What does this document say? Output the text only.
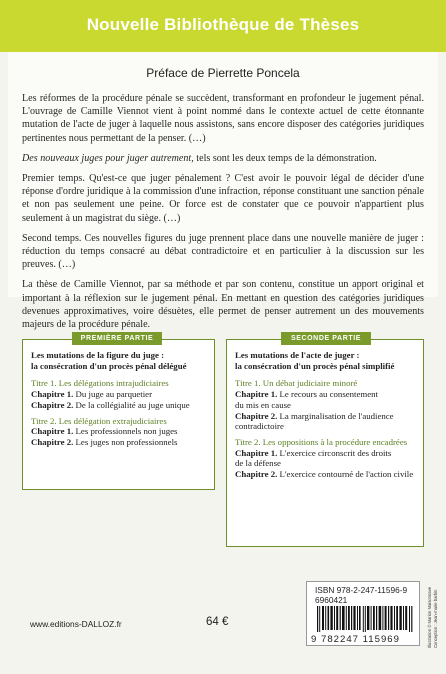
Nouvelle Bibliothèque de Thèses
Préface de Pierrette Poncela

Les réformes de la procédure pénale se succèdent, transformant en profondeur le jugement pénal. L'ouvrage de Camille Viennot vient à point nommé dans le contexte actuel de cette étonnante mutation de l'acte de juger à laquelle nous assistons, sans encore disposer des catégories juridiques pertinentes nous permettant de la penser. (…)

Des nouveaux juges pour juger autrement, tels sont les deux temps de la démonstration.

Premier temps. Qu'est-ce que juger pénalement ? C'est avoir le pouvoir légal de décider d'une réponse d'ordre juridique à la commission d'une infraction, réponse constituant une sanction pénale et non pas seulement une peine. Or force est de constater que ce pouvoir n'appartient plus seulement à un magistrat du siège. (…)

Second temps. Ces nouvelles figures du juge prennent place dans une nouvelle manière de juger : réduction du temps consacré au débat contradictoire et en particulier à la discussion sur les preuves. (…)

La thèse de Camille Viennot, par sa méthode et par son contenu, constitue un apport original et important à la réflexion sur le jugement pénal. En mettant en question des catégories juridiques devenues approximatives, voire désuètes, elle permet de penser autrement un des mouvements majeurs de la procédure pénale.

Les mutations de la figure du juge :
la consécration d'un procès pénal délégué
Titre 1. Les délégations intrajudiciaires
Chapitre 1. Du juge au parquetier
Chapitre 2. De la collégialité au juge unique
Titre 2. Les délégation extrajudiciaires
Chapitre 1. Les professionnels non juges
Chapitre 2. Les juges non professionnels
PREMIÈRE PARTIE
Les mutations de l'acte de juger :
la consécration d'un procès pénal simplifié
Titre 1. Un débat judiciaire minoré
Chapitre 1. Le recours au consentement
du mis en cause
Chapitre 2. La marginalisation de l'audience
contradictoire
Titre 2. Les oppositions à la procédure encadrées
Chapitre 1. L'exercice circonscrit des droits
de la défense
Chapitre 2. L'exercice contourné de l'action civile
SECONDE PARTIE
ISBN 978-2-247-11596-9
6960421
9 782247 115969	Illustration © Marion Maisonnave Conception : Jean-marie barbin
www.editions-DALLOZ.fr	64 €
